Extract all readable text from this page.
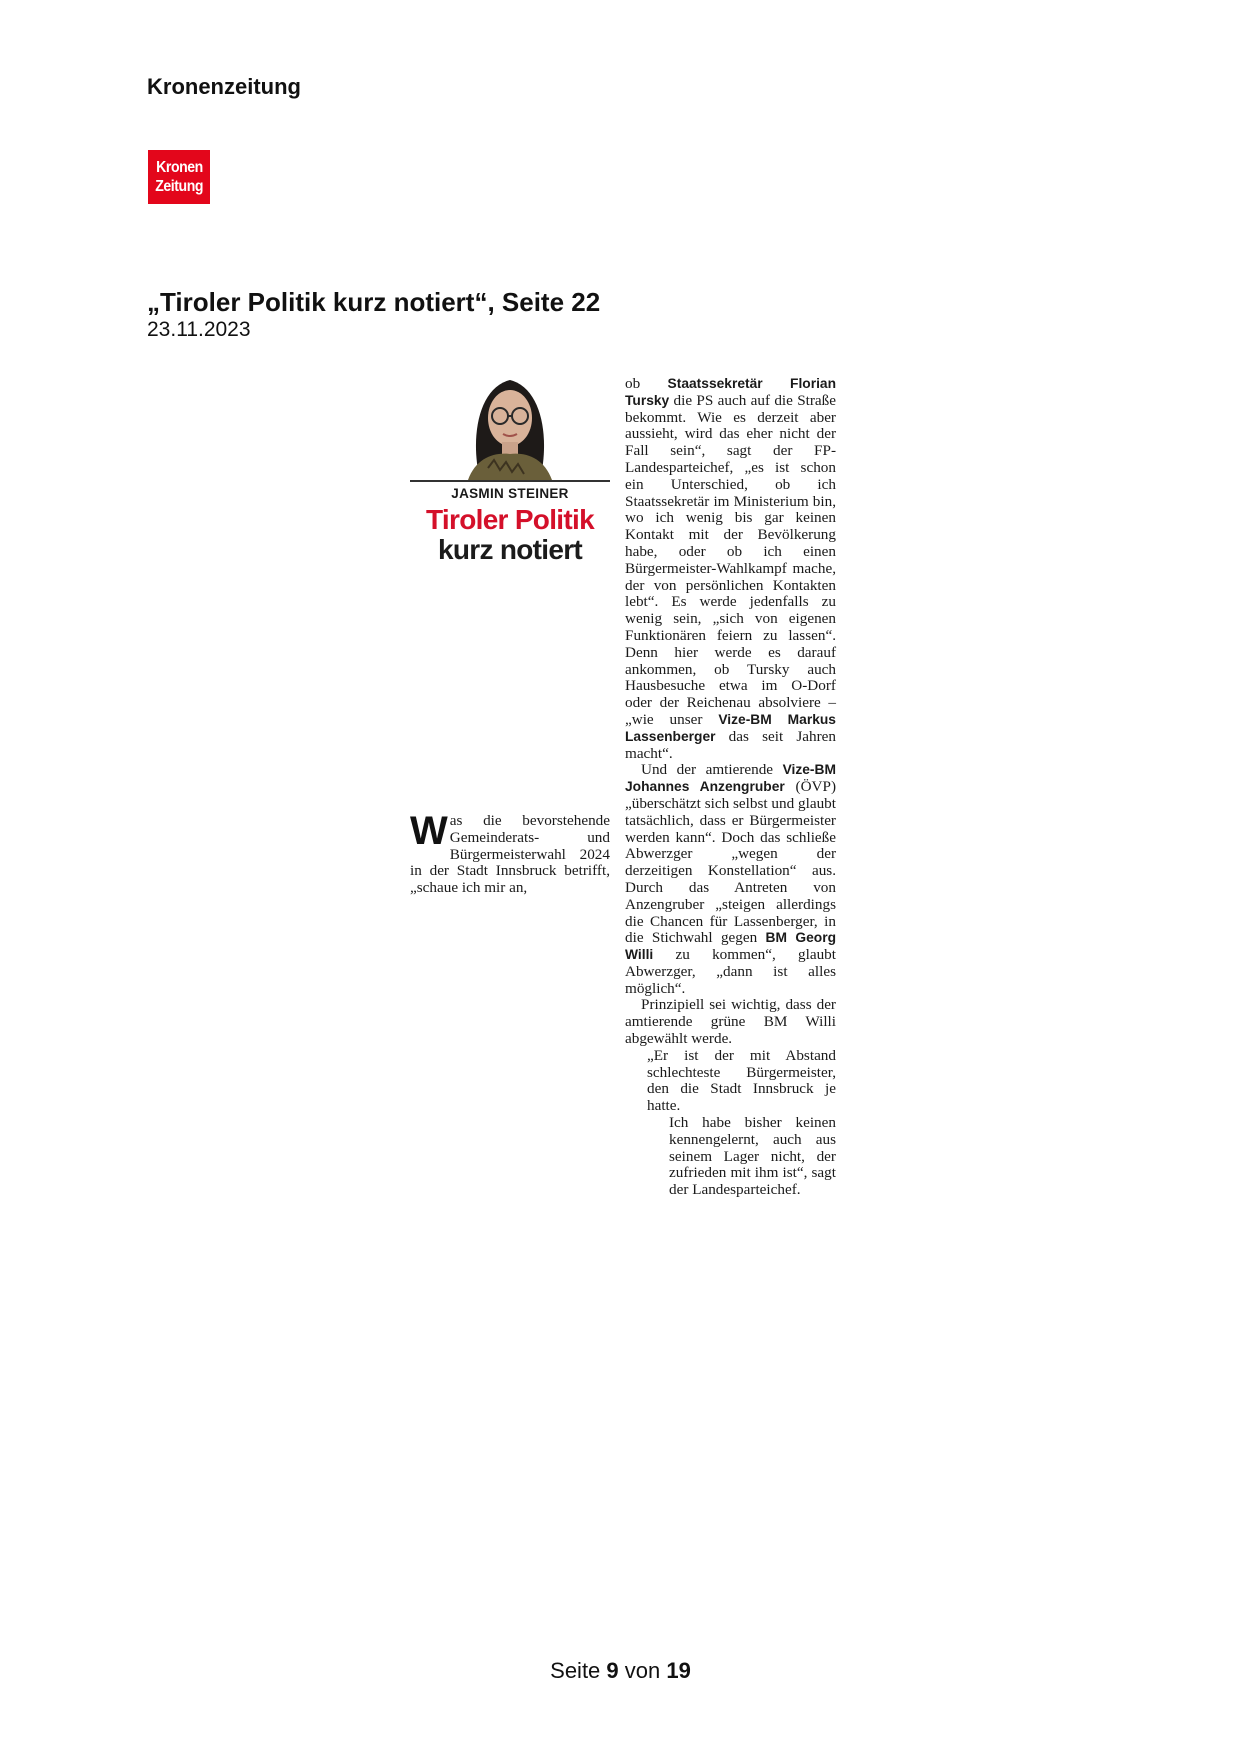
Kronenzeitung
Kronen
Zeitung
„Tiroler Politik kurz notiert“, Seite 22
23.11.2023
JASMIN STEINER
Tiroler Politik
kurz notiert
Was die bevorstehende Gemeinderats- und Bürgermeisterwahl 2024 in der Stadt Innsbruck betrifft, „schaue ich mir an,

ob Staatssekretär Florian Tursky die PS auch auf die Straße bekommt. Wie es derzeit aber aussieht, wird das eher nicht der Fall sein“, sagt der FP-Landesparteichef, „es ist schon ein Unterschied, ob ich Staatssekretär im Ministerium bin, wo ich wenig bis gar keinen Kontakt mit der Bevölkerung habe, oder ob ich einen Bürgermeister-Wahlkampf mache, der von persönlichen Kontakten lebt“. Es werde jedenfalls zu wenig sein, „sich von eigenen Funktionären feiern zu lassen“. Denn hier werde es darauf ankommen, ob Tursky auch Hausbesuche etwa im O-Dorf oder der Reichenau absolviere – „wie unser Vize-BM Markus Lassenberger das seit Jahren macht“.

Und der amtierende Vize-BM Johannes Anzengruber (ÖVP) „überschätzt sich selbst und glaubt tatsächlich, dass er Bürgermeister werden kann“. Doch das schließe Abwerzger „wegen der derzeitigen Konstellation“ aus. Durch das Antreten von Anzengruber „steigen allerdings die Chancen für Lassenberger, in die Stichwahl gegen BM Georg Willi zu kommen“, glaubt Abwerzger, „dann ist alles möglich“.

Prinzipiell sei wichtig, dass der amtierende grüne BM Willi abgewählt werde.

„Er ist der mit Abstand schlechteste Bürgermeister, den die Stadt Innsbruck je hatte.

Ich habe bisher keinen kennengelernt, auch aus seinem Lager nicht, der zufrieden mit ihm ist“, sagt der Landesparteichef.

Seite 9 von 19
